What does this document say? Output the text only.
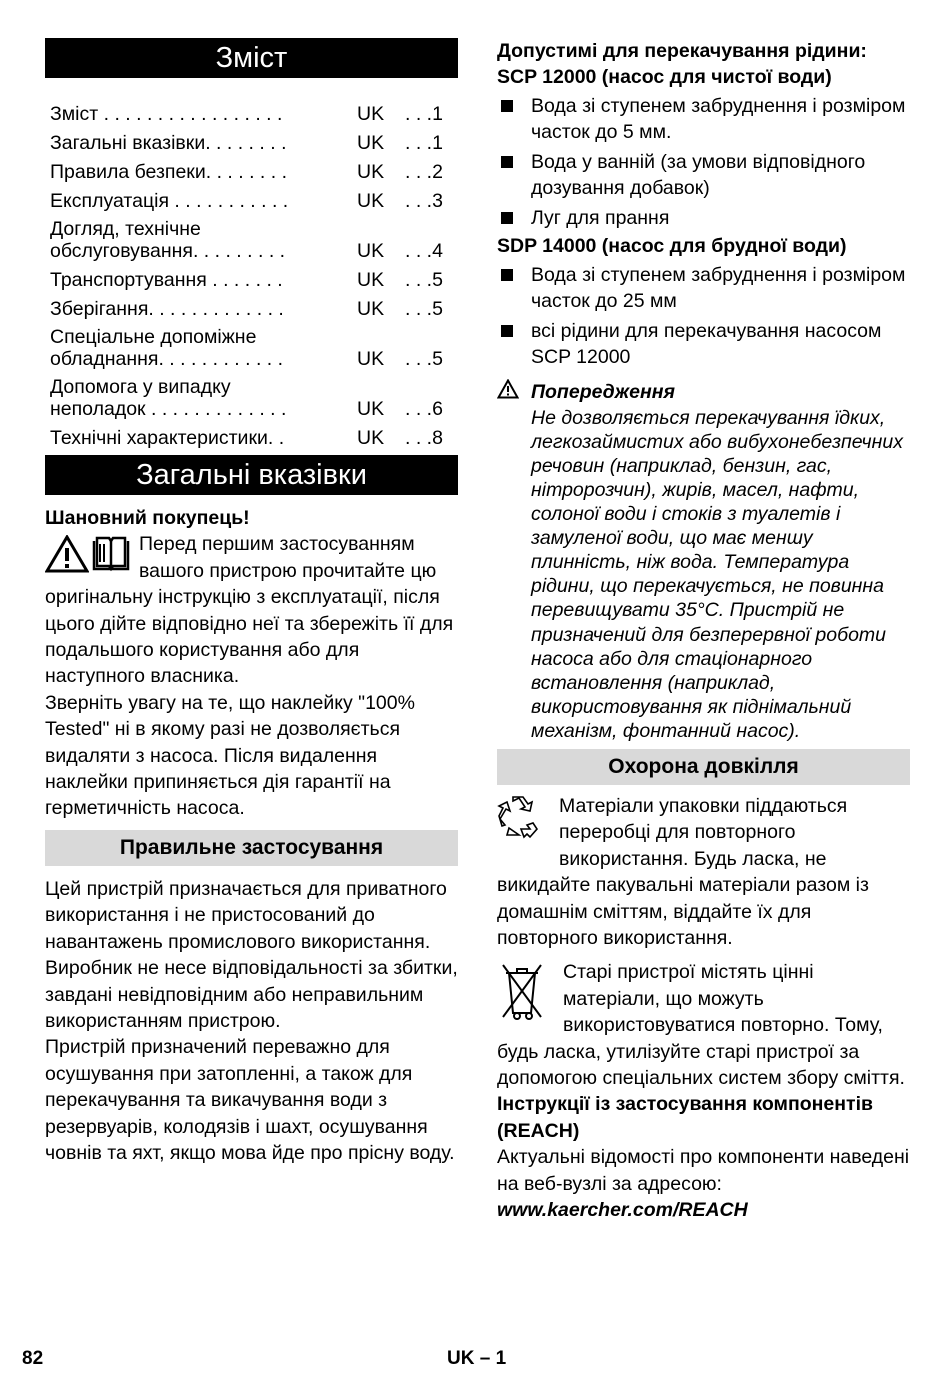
Зміст
Зміст . . . . . . . . . . . . . . . . .	UK	. . .1
Загальні вказівки. . . . . . . .	UK	. . .1
Правила безпеки. . . . . . . .	UK	. . .2
Експлуатація . . . . . . . . . . .	UK	. . .3
Догляд, технічне
обслуговування. . . . . . . . .	UK	. . .4
Транспортування . . . . . . .	UK	. . .5
Зберігання. . . . . . . . . . . . .	UK	. . .5
Спеціальне допоміжне
обладнання. . . . . . . . . . . .	UK	. . .5
Допомога у випадку
неполадок . . . . . . . . . . . . .	UK	. . .6
Технічні характеристики. .	UK	. . .8
Загальні вказівки
Шановний покупець!
Перед першим застосуванням вашого пристрою прочитайте цю оригінальну інструкцію з експлуатації, після цього дійте відповідно неї та збережіть її для подальшого користування або для наступного власника.
Зверніть увагу на те, що наклейку "100% Tested" ні в якому разі не дозволяється видаляти з насоса. Після видалення наклейки припиняється дія гарантії на герметичність насоса.
Правильне застосування
Цей пристрій призначається для приватного використання і не пристосований до навантажень промислового використання.
Виробник не несе відповідальності за збитки, завдані невідповідним або неправильним використанням пристрою.
Пристрій призначений переважно для осушування при затопленні, а також для перекачування та викачування води з резервуарів, колодязів і шахт, осушування човнів та яхт, якщо мова йде про прісну воду.
Допустимі для перекачування рідини:
SCP 12000 (насос для чистої води)
Вода зі ступенем забруднення і розміром часток до 5 мм.
Вода у ванній (за умови відповідного дозування добавок)
Луг для прання
SDP 14000 (насос для брудної води)
Вода зі ступенем забруднення і розміром часток до 25 мм
всі рідини для перекачування насосом SCP 12000
Попередження
Не дозволяється перекачування їдких, легкозаймистих або вибухонебезпечних речовин (наприклад, бензин, гас, нітророзчин), жирів, масел, нафти, солоної води і стоків з туалетів і замуленої води, що має меншу плинність, ніж вода. Температура рідини, що перекачується, не повинна перевищувати 35°C. Пристрій не призначений для безперервної роботи насоса або для стаціонарного встановлення (наприклад, використовування як піднімальний механізм, фонтанний насос).
Охорона довкілля
Матеріали упаковки піддаються переробці для повторного використання. Будь ласка, не викидайте пакувальні матеріали разом із домашнім сміттям, віддайте їх для повторного використання.
Старі пристрої містять цінні матеріали, що можуть використовуватися повторно. Тому, будь ласка, утилізуйте старі пристрої за допомогою спеціальних систем збору сміття.
Інструкції із застосування компонентів (REACH)
Актуальні відомості про компоненти наведені на веб-вузлі за адресою:
www.kaercher.com/REACH
82	UK – 1
